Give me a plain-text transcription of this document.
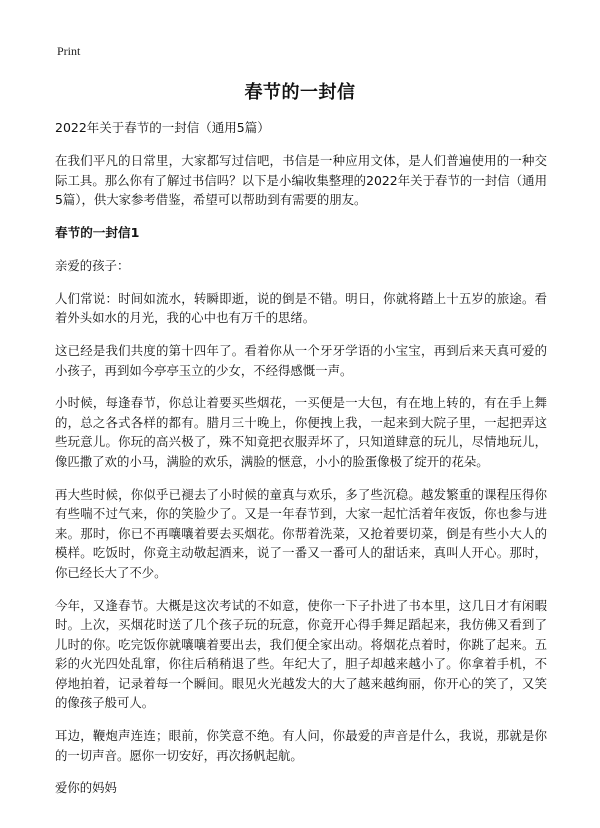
Print
春节的一封信
2022年关于春节的一封信（通用5篇）
在我们平凡的日常里，大家都写过信吧，书信是一种应用文体，是人们普遍使用的一种交际工具。那么你有了解过书信吗？以下是小编收集整理的2022年关于春节的一封信（通用5篇），供大家参考借鉴，希望可以帮助到有需要的朋友。
春节的一封信1
亲爱的孩子：
人们常说：时间如流水，转瞬即逝，说的倒是不错。明日，你就将踏上十五岁的旅途。看着外头如水的月光，我的心中也有万千的思绪。
这已经是我们共度的第十四年了。看着你从一个牙牙学语的小宝宝，再到后来天真可爱的小孩子，再到如今亭亭玉立的少女，不经得感慨一声。
小时候，每逢春节，你总让着要买些烟花，一买便是一大包，有在地上转的，有在手上舞的，总之各式各样的都有。腊月三十晚上，你便拽上我，一起来到大院子里，一起把弄这些玩意儿。你玩的高兴极了，殊不知竟把衣服弄坏了，只知道肆意的玩儿，尽情地玩儿，像匹撒了欢的小马，满脸的欢乐，满脸的惬意，小小的脸蛋像极了绽开的花朵。
再大些时候，你似乎已褪去了小时候的童真与欢乐，多了些沉稳。越发繁重的课程压得你有些喘不过气来，你的笑脸少了。又是一年春节到，大家一起忙活着年夜饭，你也参与进来。那时，你已不再嚷嚷着要去买烟花。你帮着洗菜，又抢着要切菜，倒是有些小大人的模样。吃饭时，你竟主动敬起酒来，说了一番又一番可人的甜话来，真叫人开心。那时，你已经长大了不少。
今年，又逢春节。大概是这次考试的不如意，使你一下子扑进了书本里，这几日才有闲暇时。上次，买烟花时送了几个孩子玩的玩意，你竟开心得手舞足蹈起来，我仿佛又看到了儿时的你。吃完饭你就嚷嚷着要出去，我们便全家出动。将烟花点着时，你跳了起来。五彩的火光四处乱窜，你往后稍稍退了些。年纪大了，胆子却越来越小了。你拿着手机，不停地拍着，记录着每一个瞬间。眼见火光越发大的大了越来越绚丽，你开心的笑了，又笑的像孩子般可人。
耳边，鞭炮声连连；眼前，你笑意不绝。有人问，你最爱的声音是什么，我说，那就是你的一切声音。愿你一切安好，再次扬帆起航。
爱你的妈妈
